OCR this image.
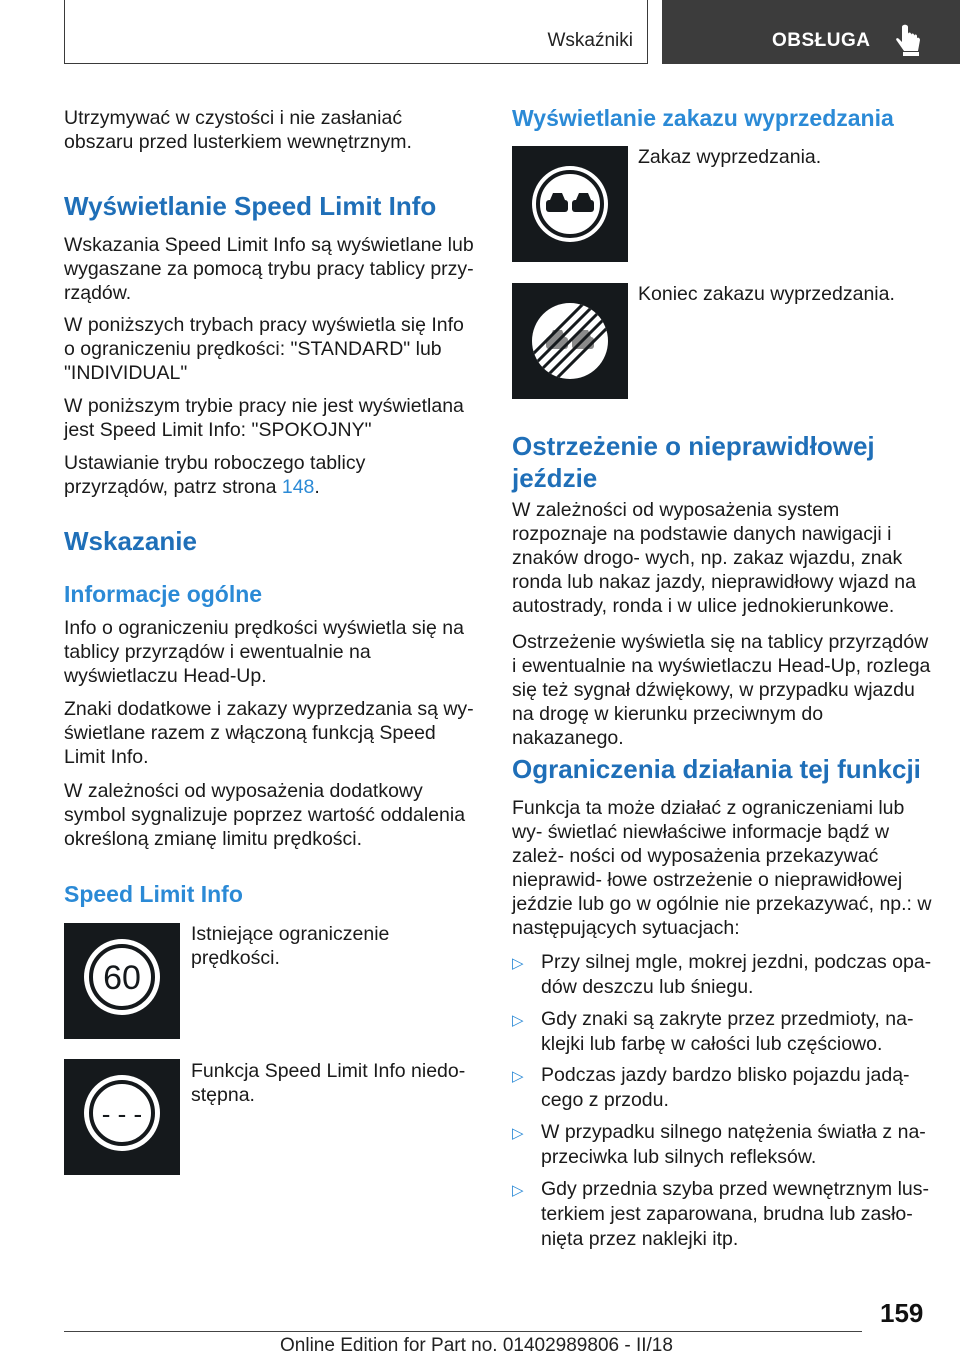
Wskaźniki	OBSŁUGA

Utrzymywać w czystości i nie zasłaniać obszaru przed lusterkiem wewnętrznym.

Wyświetlanie Speed Limit Info

Wskazania Speed Limit Info są wyświetlane lub wygaszane za pomocą trybu pracy tablicy przy- rządów.

W poniższych trybach pracy wyświetla się Info o ograniczeniu prędkości: "STANDARD" lub "INDIVIDUAL"

W poniższym trybie pracy nie jest wyświetlana jest Speed Limit Info: "SPOKOJNY"

Ustawianie trybu roboczego tablicy przyrządów, patrz strona 148.

Wskazanie
Informacje ogólne

Info o ograniczeniu prędkości wyświetla się na tablicy przyrządów i ewentualnie na wyświetlaczu Head-Up.

Znaki dodatkowe i zakazy wyprzedzania są wy- świetlane razem z włączoną funkcją Speed Limit Info.

W zależności od wyposażenia dodatkowy symbol sygnalizuje poprzez wartość oddalenia określoną zmianę limitu prędkości.

Speed Limit Info
60

Istniejące ograniczenie prędkości.

- - -

Funkcja Speed Limit Info niedo- stępna.

Wyświetlanie zakazu wyprzedzania

Zakaz wyprzedzania.

Koniec zakazu wyprzedzania.

Ostrzeżenie o nieprawidłowej jeździe

W zależności od wyposażenia system rozpoznaje na podstawie danych nawigacji i znaków drogo- wych, np. zakaz wjazdu, znak ronda lub nakaz jazdy, nieprawidłowy wjazd na autostrady, ronda i w ulice jednokierunkowe.

Ostrzeżenie wyświetla się na tablicy przyrządów i ewentualnie na wyświetlaczu Head-Up, rozlega się też sygnał dźwiękowy, w przypadku wjazdu na drogę w kierunku przeciwnym do nakazanego.

Ograniczenia działania tej funkcji

Funkcja ta może działać z ograniczeniami lub wy- świetlać niewłaściwe informacje bądź w zależ- ności od wyposażenia przekazywać nieprawid- łowe ostrzeżenie o nieprawidłowej jeździe lub go w ogólnie nie przekazywać, np.: w następujących sytuacjach:

▷ Przy silnej mgle, mokrej jezdni, podczas opa- dów deszczu lub śniegu.
▷ Gdy znaki są zakryte przez przedmioty, na- klejki lub farbę w całości lub częściowo.
▷ Podczas jazdy bardzo blisko pojazdu jadą- cego z przodu.
▷ W przypadku silnego natężenia światła z na- przeciwka lub silnych refleksów.
▷ Gdy przednia szyba przed wewnętrznym lus- terkiem jest zaparowana, brudna lub zasło- nięta przez naklejki itp.
159
Online Edition for Part no. 01402989806 - II/18
